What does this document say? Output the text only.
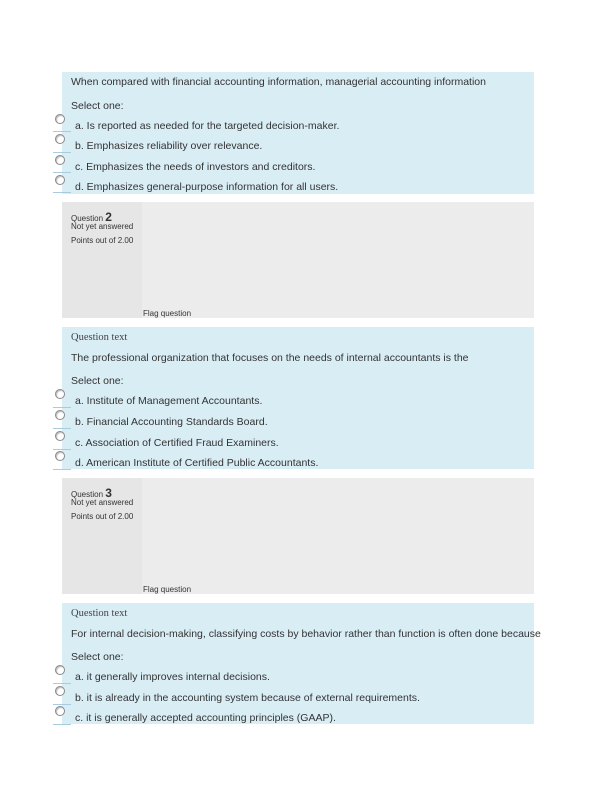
When compared with financial accounting information, managerial accounting information
Select one:
a. Is reported as needed for the targeted decision-maker.
b. Emphasizes reliability over relevance.
c. Emphasizes the needs of investors and creditors.
d. Emphasizes general-purpose information for all users.
Question 2
Not yet answered
Points out of 2.00
Flag question
Question text
The professional organization that focuses on the needs of internal accountants is the
Select one:
a. Institute of Management Accountants.
b. Financial Accounting Standards Board.
c. Association of Certified Fraud Examiners.
d. American Institute of Certified Public Accountants.
Question 3
Not yet answered
Points out of 2.00
Flag question
Question text
For internal decision-making, classifying costs by behavior rather than function is often done because
Select one:
a. it generally improves internal decisions.
b. it is already in the accounting system because of external requirements.
c. it is generally accepted accounting principles (GAAP).
